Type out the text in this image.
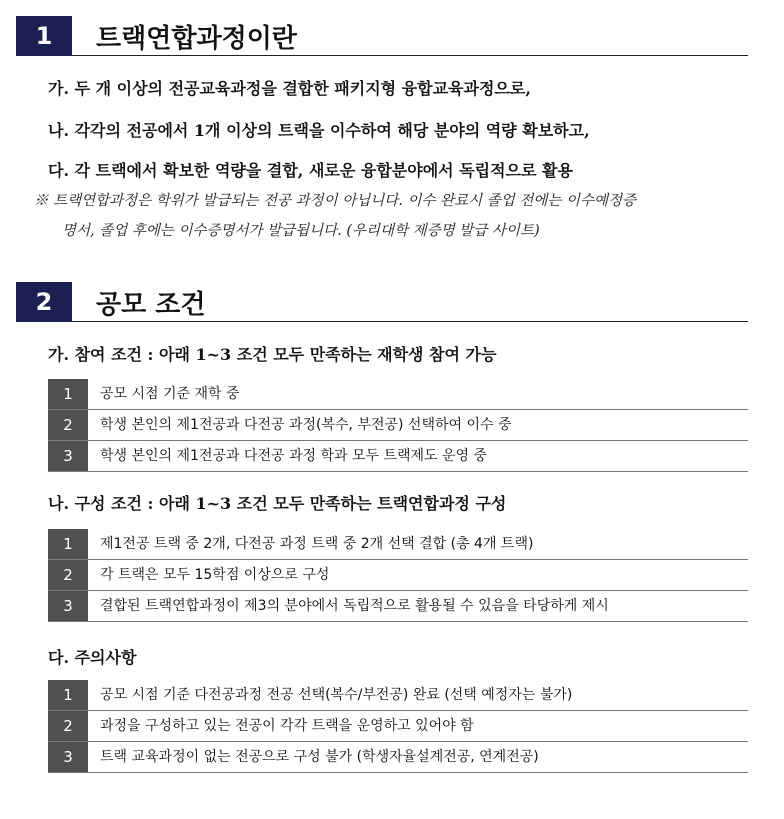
1	트랙연합과정이란
가. 두 개 이상의 전공교육과정을 결합한 패키지형 융합교육과정으로,
나. 각각의 전공에서 1개 이상의 트랙을 이수하여 해당 분야의 역량 확보하고,
다. 각 트랙에서 확보한 역량을 결합, 새로운 융합분야에서 독립적으로 활용
※ 트랙연합과정은 학위가 발급되는 전공 과정이 아닙니다. 이수 완료시 졸업 전에는 이수예정증
명서, 졸업 후에는 이수증명서가 발급됩니다. (우리대학 제증명 발급 사이트)
2	공모 조건
가. 참여 조건 : 아래 1~3 조건 모두 만족하는 재학생 참여 가능
1	공모 시점 기준 재학 중
2	학생 본인의 제1전공과 다전공 과정(복수, 부전공) 선택하여 이수 중
3	학생 본인의 제1전공과 다전공 과정 학과 모두 트랙제도 운영 중
나. 구성 조건 : 아래 1~3 조건 모두 만족하는 트랙연합과정 구성
1	제1전공 트랙 중 2개, 다전공 과정 트랙 중 2개 선택 결합 (총 4개 트랙)
2	각 트랙은 모두 15학점 이상으로 구성
3	결합된 트랙연합과정이 제3의 분야에서 독립적으로 활용될 수 있음을 타당하게 제시
다. 주의사항
1	공모 시점 기준 다전공과정 전공 선택(복수/부전공) 완료 (선택 예정자는 불가)
2	과정을 구성하고 있는 전공이 각각 트랙을 운영하고 있어야 함
3	트랙 교육과정이 없는 전공으로 구성 불가 (학생자율설계전공, 연계전공)
